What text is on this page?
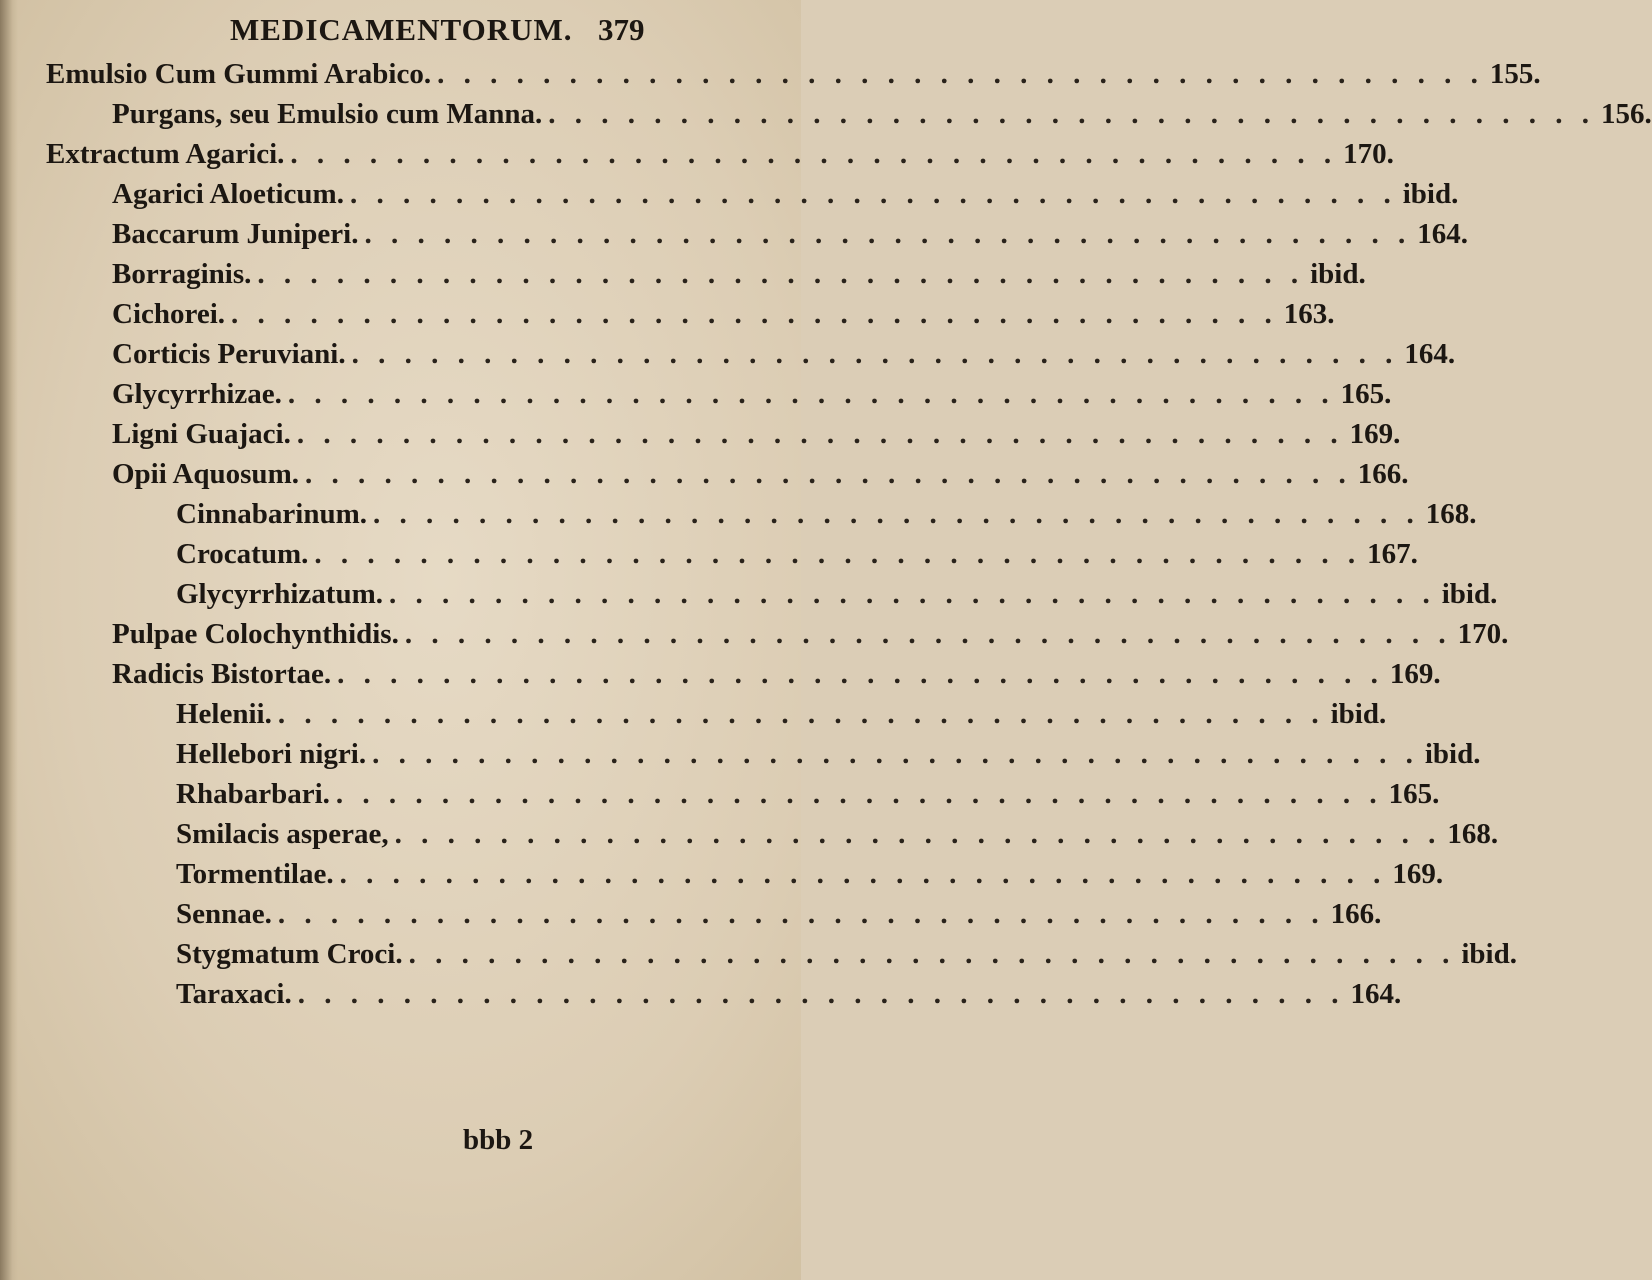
MEDICAMENTORUM. 379
Emulsio Cum Gummi Arabico. . . . . . . . . . . . . . . . . . . . . . . . . . . . . . . . . . . . . . . . . 155.
Purgans, seu Emulsio cum Manna. . . . . . . . . . . . . . . . . . . . . . . . . . . . . . . . . . . . . . . . . 156.
Extractum Agarici. . . . . . . . . . . . . . . . . . . . . . . . . . . . . . . . . . . . . . . . . 170.
Agarici Aloeticum. . . . . . . . . . . . . . . . . . . . . . . . . . . . . . . . . . . . . . . . . ibid.
Baccarum Juniperi. . . . . . . . . . . . . . . . . . . . . . . . . . . . . . . . . . . . . . . . . 164.
Borraginis. . . . . . . . . . . . . . . . . . . . . . . . . . . . . . . . . . . . . . . . . ibid.
Cichorei. . . . . . . . . . . . . . . . . . . . . . . . . . . . . . . . . . . . . . . . . 163.
Corticis Peruviani. . . . . . . . . . . . . . . . . . . . . . . . . . . . . . . . . . . . . . . . . 164.
Glycyrrhizae. . . . . . . . . . . . . . . . . . . . . . . . . . . . . . . . . . . . . . . . . 165.
Ligni Guajaci. . . . . . . . . . . . . . . . . . . . . . . . . . . . . . . . . . . . . . . . . 169.
Opii Aquosum. . . . . . . . . . . . . . . . . . . . . . . . . . . . . . . . . . . . . . . . . 166.
Cinnabarinum. . . . . . . . . . . . . . . . . . . . . . . . . . . . . . . . . . . . . . . . . 168.
Crocatum. . . . . . . . . . . . . . . . . . . . . . . . . . . . . . . . . . . . . . . . . 167.
Glycyrrhizatum. . . . . . . . . . . . . . . . . . . . . . . . . . . . . . . . . . . . . . . . . ibid.
Pulpae Colochynthidis. . . . . . . . . . . . . . . . . . . . . . . . . . . . . . . . . . . . . . . . . 170.
Radicis Bistortae. . . . . . . . . . . . . . . . . . . . . . . . . . . . . . . . . . . . . . . . . 169.
Helenii. . . . . . . . . . . . . . . . . . . . . . . . . . . . . . . . . . . . . . . . . ibid.
Hellebori nigri. . . . . . . . . . . . . . . . . . . . . . . . . . . . . . . . . . . . . . . . . ibid.
Rhabarbari. . . . . . . . . . . . . . . . . . . . . . . . . . . . . . . . . . . . . . . . . 165.
Smilacis asperae, . . . . . . . . . . . . . . . . . . . . . . . . . . . . . . . . . . . . . . . . 168.
Tormentilae. . . . . . . . . . . . . . . . . . . . . . . . . . . . . . . . . . . . . . . . . 169.
Sennae. . . . . . . . . . . . . . . . . . . . . . . . . . . . . . . . . . . . . . . . . 166.
Stygmatum Croci. . . . . . . . . . . . . . . . . . . . . . . . . . . . . . . . . . . . . . . . . ibid.
Taraxaci. . . . . . . . . . . . . . . . . . . . . . . . . . . . . . . . . . . . . . . . . 164.
bbb 2
